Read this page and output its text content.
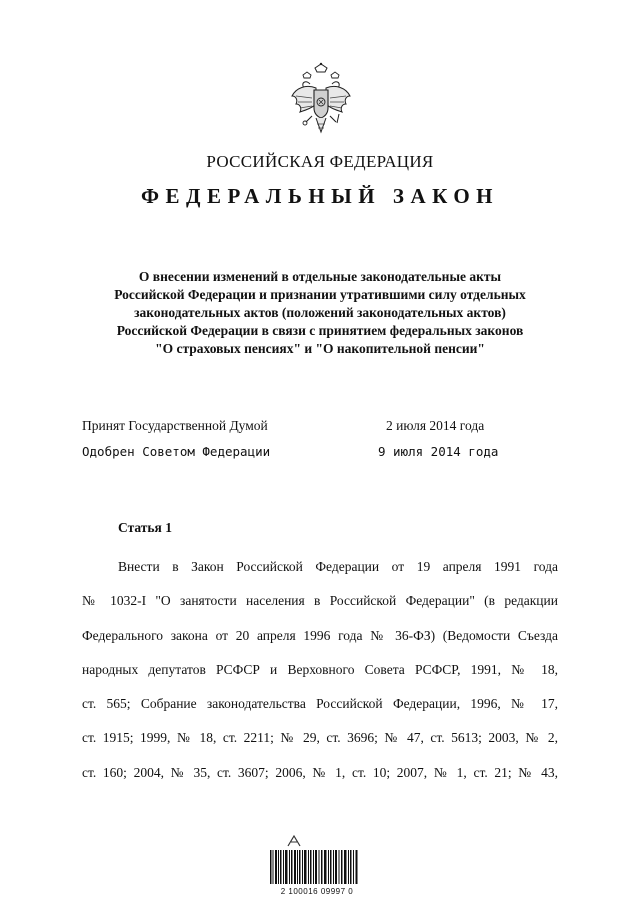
РОССИЙСКАЯ ФЕДЕРАЦИЯ
ФЕДЕРАЛЬНЫЙ ЗАКОН
О внесении изменений в отдельные законодательные акты
Российской Федерации и признании утратившими силу отдельных
законодательных актов (положений законодательных актов)
Российской Федерации в связи с принятием федеральных законов
"О страховых пенсиях" и "О накопительной пенсии"
Принят Государственной Думой	2 июля 2014 года
Одобрен Советом Федерации	9 июля 2014 года
Статья 1
Внести в Закон Российской Федерации от 19 апреля 1991 года
№ 1032-I "О занятости населения в Российской Федерации" (в редакции
Федерального закона от 20 апреля 1996 года № 36-ФЗ) (Ведомости Съезда
народных депутатов РСФСР и Верховного Совета РСФСР, 1991, № 18,
ст. 565; Собрание законодательства Российской Федерации, 1996, № 17,
ст. 1915; 1999, № 18, ст. 2211; № 29, ст. 3696; № 47, ст. 5613; 2003, № 2,
ст. 160; 2004, № 35, ст. 3607; 2006, № 1, ст. 10; 2007, № 1, ст. 21; № 43,
2 100016 09997 0
